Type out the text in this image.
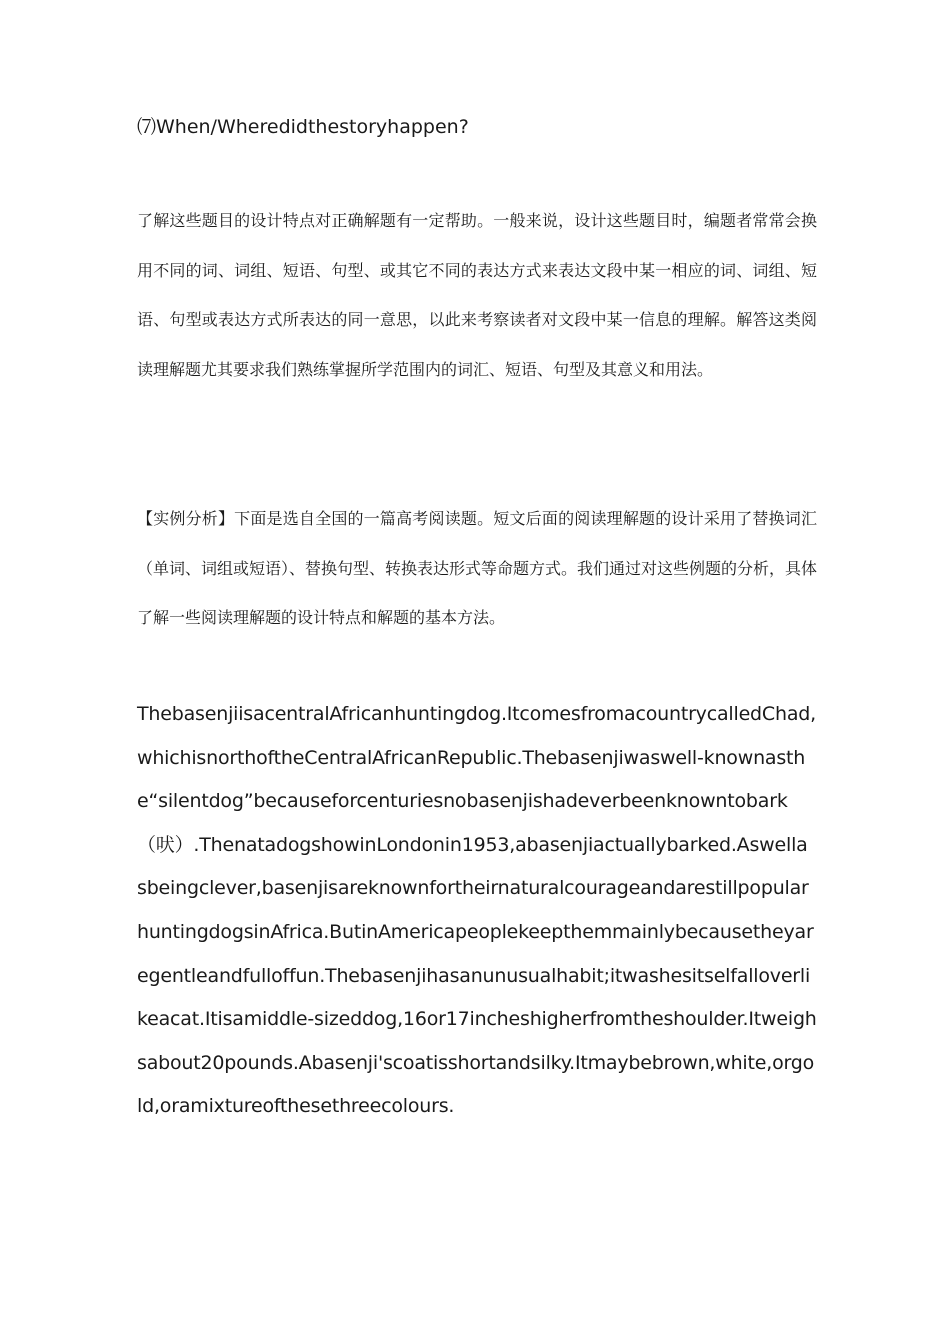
⑺When/Wheredidthestoryhappen?

了解这些题目的设计特点对正确解题有一定帮助。一般来说，设计这些题目时，编题者常常会换用不同的词、词组、短语、句型、或其它不同的表达方式来表达文段中某一相应的词、词组、短语、句型或表达方式所表达的同一意思，以此来考察读者对文段中某一信息的理解。解答这类阅读理解题尤其要求我们熟练掌握所学范围内的词汇、短语、句型及其意义和用法。

【实例分析】下面是选自全国的一篇高考阅读题。短文后面的阅读理解题的设计采用了替换词汇（单词、词组或短语）、替换句型、转换表达形式等命题方式。我们通过对这些例题的分析，具体了解一些阅读理解题的设计特点和解题的基本方法。

ThebasenjiisacentralAfricanhuntingdog.ItcomesfromacountrycalledChad,whichisnorthoftheCentralAfricanRepublic.Thebasenjiwaswell-knownasthe“silentdog”becauseforcenturiesnobasenjishadeverbeenknowntobark（吠）.ThenatadogshowinLondonin1953,abasenjiactuallybarked.Aswellasbeingclever,basenjisareknownfortheirnaturalcourageandarestillpopularhuntingdogsinAfrica.ButinAmericapeoplekeepthemmainlybecausetheyaregentleandfulloffun.Thebasenjihasanunusualhabit;itwashesitselfalloverlikeacat.Itisamiddle-sizeddog,16or17incheshigherfromtheshoulder.Itweighsabout20pounds.Abasenji'scoatisshortandsilky.Itmaybebrown,white,orgold,oramixtureofthesethreecolours.
